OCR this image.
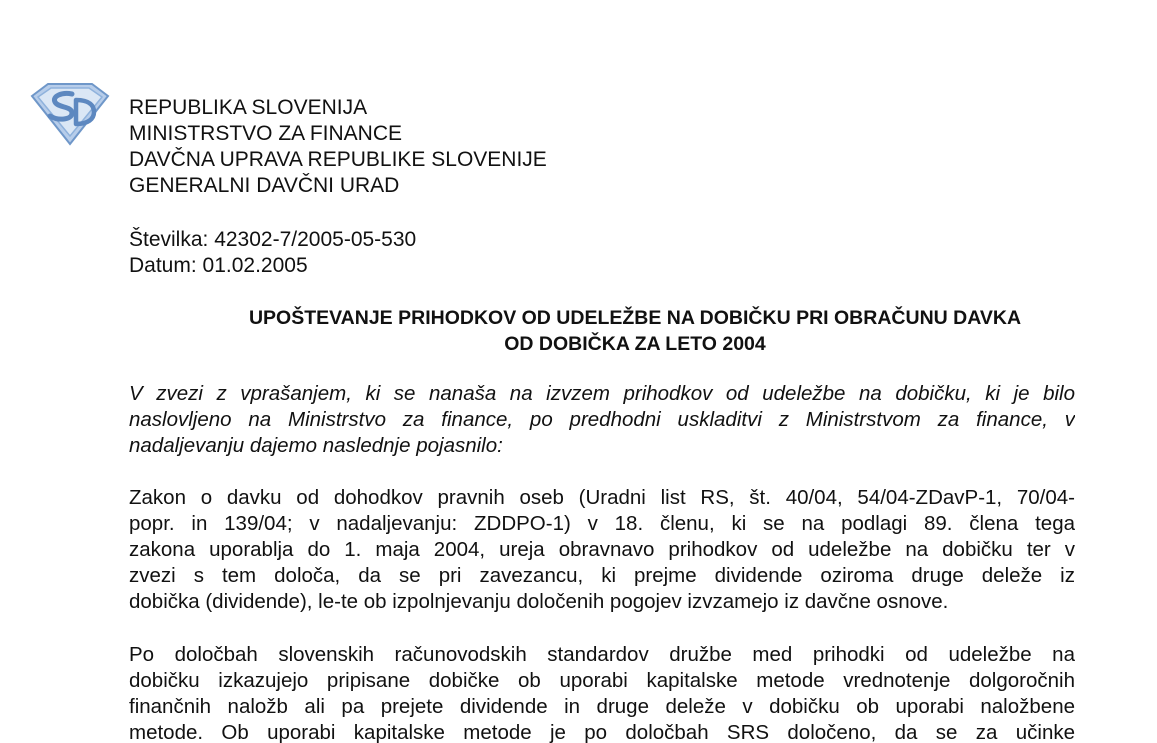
REPUBLIKA SLOVENIJA
MINISTRSTVO ZA FINANCE
DAVČNA UPRAVA REPUBLIKE SLOVENIJE
GENERALNI DAVČNI URAD
Številka: 42302-7/2005-05-530
Datum: 01.02.2005
UPOŠTEVANJE PRIHODKOV OD UDELEŽBE NA DOBIČKU PRI OBRAČUNU DAVKA
OD DOBIČKA ZA LETO 2004
V zvezi z vprašanjem, ki se nanaša na izvzem prihodkov od udeležbe na dobičku, ki je bilo
naslovljeno na Ministrstvo za finance, po predhodni uskladitvi z Ministrstvom za finance, v
nadaljevanju dajemo naslednje pojasnilo:
Zakon o davku od dohodkov pravnih oseb (Uradni list RS, št. 40/04, 54/04-ZDavP-1, 70/04-
popr. in 139/04; v nadaljevanju: ZDDPO-1) v 18. členu, ki se na podlagi 89. člena tega
zakona uporablja do 1. maja 2004, ureja obravnavo prihodkov od udeležbe na dobičku ter v
zvezi s tem določa, da se pri zavezancu, ki prejme dividende oziroma druge deleže iz
dobička (dividende), le-te ob izpolnjevanju določenih pogojev izvzamejo iz davčne osnove.
Po določbah slovenskih računovodskih standardov družbe med prihodki od udeležbe na
dobičku izkazujejo pripisane dobičke ob uporabi kapitalske metode vrednotenje dolgoročnih
finančnih naložb ali pa prejete dividende in druge deleže v dobičku ob uporabi naložbene
metode. Ob uporabi kapitalske metode je po določbah SRS določeno, da se za učinke
